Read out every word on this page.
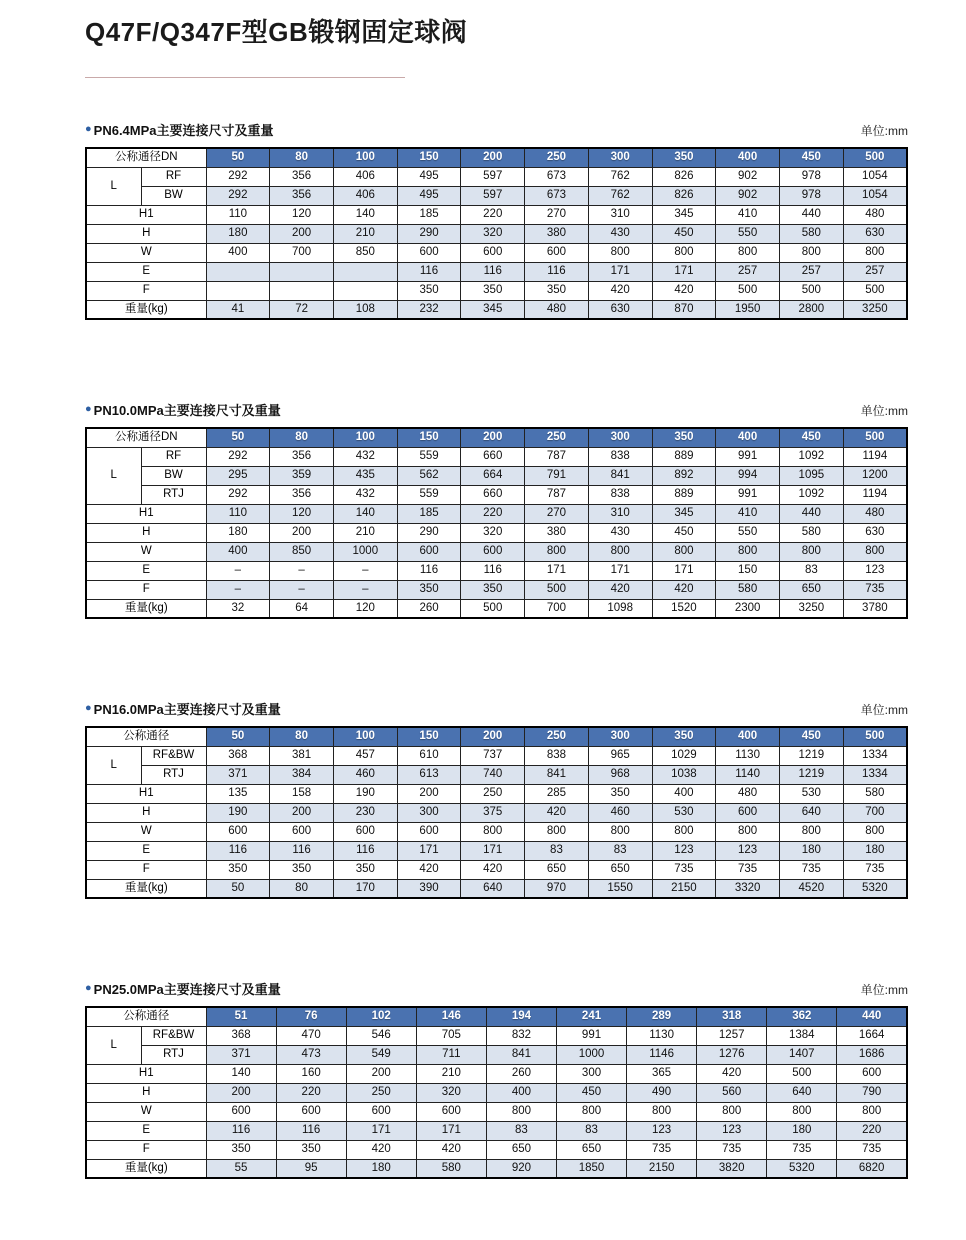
Q47F/Q347F型GB锻钢固定球阀
● PN6.4MPa主要连接尺寸及重量	单位:mm
公称通径DN		50	80	100	150	200	250	300	350	400	450	500
L	RF	292	356	406	495	597	673	762	826	902	978	1054
	BW	292	356	406	495	597	673	762	826	902	978	1054
H1		110	120	140	185	220	270	310	345	410	440	480
H		180	200	210	290	320	380	430	450	550	580	630
W		400	700	850	600	600	600	800	800	800	800	800
E					116	116	116	171	171	257	257	257
F					350	350	350	420	420	500	500	500
重量(kg)		41	72	108	232	345	480	630	870	1950	2800	3250
● PN10.0MPa主要连接尺寸及重量	单位:mm
公称通径DN		50	80	100	150	200	250	300	350	400	450	500
L	RF	292	356	432	559	660	787	838	889	991	1092	1194
	BW	295	359	435	562	664	791	841	892	994	1095	1200
	RTJ	292	356	432	559	660	787	838	889	991	1092	1194
H1		110	120	140	185	220	270	310	345	410	440	480
H		180	200	210	290	320	380	430	450	550	580	630
W		400	850	1000	600	600	800	800	800	800	800	800
E		–	–	–	116	116	171	171	171	150	83	123
F		–	–	–	350	350	500	420	420	580	650	735
重量(kg)		32	64	120	260	500	700	1098	1520	2300	3250	3780
● PN16.0MPa主要连接尺寸及重量	单位:mm
公称通径		50	80	100	150	200	250	300	350	400	450	500
L	RF&BW	368	381	457	610	737	838	965	1029	1130	1219	1334
	RTJ	371	384	460	613	740	841	968	1038	1140	1219	1334
H1		135	158	190	200	250	285	350	400	480	530	580
H		190	200	230	300	375	420	460	530	600	640	700
W		600	600	600	600	800	800	800	800	800	800	800
E		116	116	116	171	171	83	83	123	123	180	180
F		350	350	350	420	420	650	650	735	735	735	735
重量(kg)		50	80	170	390	640	970	1550	2150	3320	4520	5320
● PN25.0MPa主要连接尺寸及重量	单位:mm
公称通径		51	76	102	146	194	241	289	318	362	440
L	RF&BW	368	470	546	705	832	991	1130	1257	1384	1664
	RTJ	371	473	549	711	841	1000	1146	1276	1407	1686
H1		140	160	200	210	260	300	365	420	500	600
H		200	220	250	320	400	450	490	560	640	790
W		600	600	600	600	800	800	800	800	800	800
E		116	116	171	171	83	83	123	123	180	220
F		350	350	420	420	650	650	735	735	735	735
重量(kg)		55	95	180	580	920	1850	2150	3820	5320	6820
